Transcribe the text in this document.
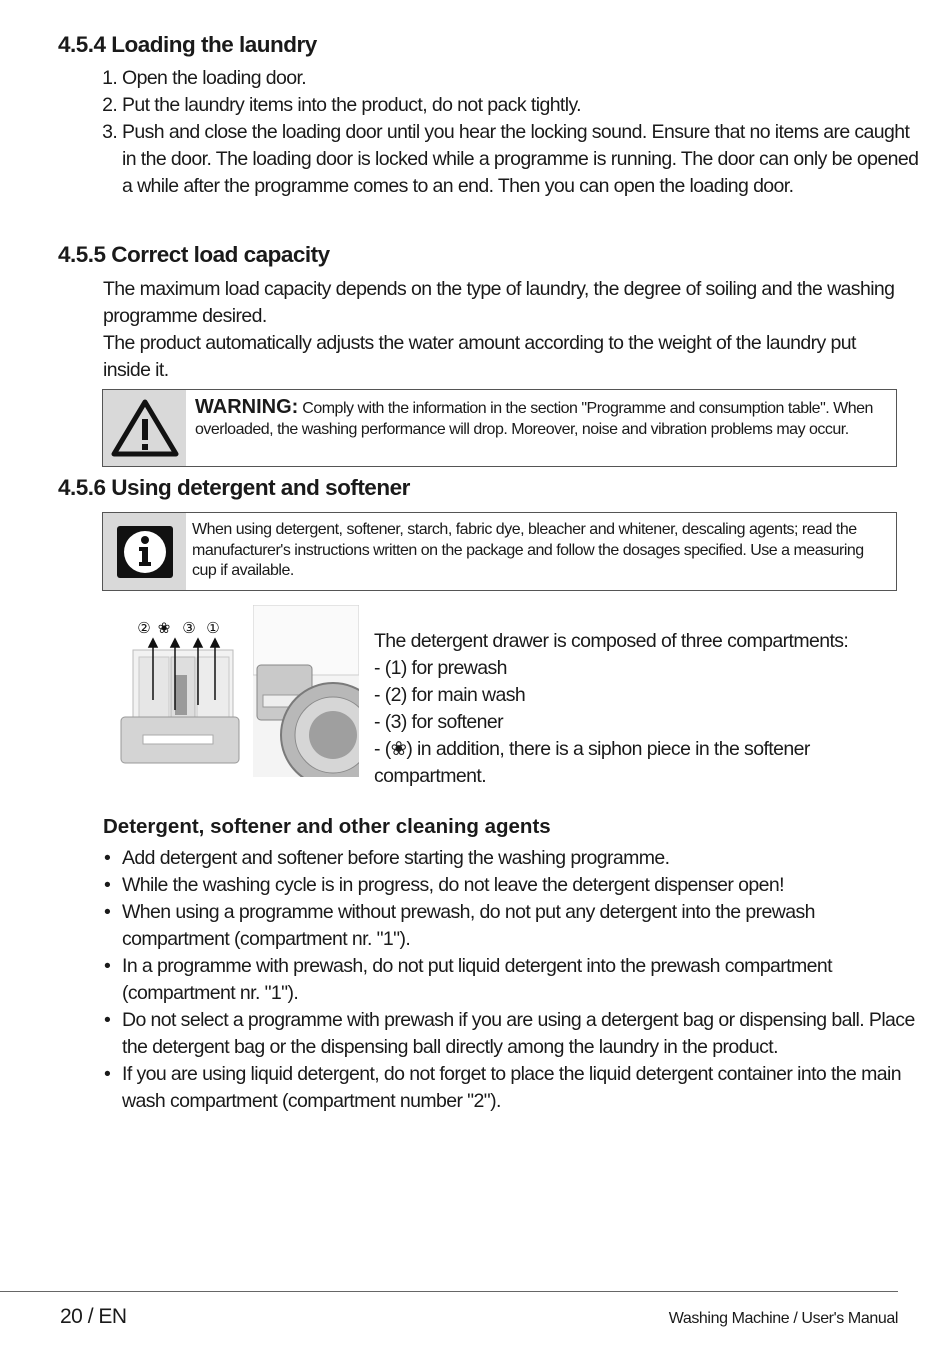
4.5.4 Loading the laundry
1. Open the loading door.
2. Put the laundry items into the product, do not pack tightly.
3. Push and close the loading door until you hear the locking sound. Ensure that no items are caught in the door. The loading door is locked while a programme is running. The door can only be opened a while after the programme comes to an end. Then you can open the loading door.
4.5.5 Correct load capacity

The maximum load capacity depends on the type of laundry, the degree of soiling and the washing programme desired.

The product automatically adjusts the water amount according to the weight of the laundry put inside it.

WARNING: Comply with the information in the section "Programme and consumption table". When overloaded, the washing performance will drop. Moreover, noise and vibration problems may occur.
4.5.6 Using detergent and softener
When using detergent, softener, starch, fabric dye, bleacher and whitener, descaling agents; read the manufacturer's instructions written on the package and follow the dosages specified. Use a measuring cup if available.
② ❀ ③ ①
The detergent drawer is composed of three compartments:
- (1) for prewash
- (2) for main wash
- (3) for softener
- (❀) in addition, there is a siphon piece in the softener compartment.
Detergent, softener and other cleaning agents
• Add detergent and softener before starting the washing programme.
• While the washing cycle is in progress, do not leave the detergent dispenser open!
• When using a programme without prewash, do not put any detergent into the prewash compartment (compartment nr. "1").
• In a programme with prewash, do not put liquid detergent into the prewash compartment (compartment nr. "1").
• Do not select a programme with prewash if you are using a detergent bag or dispensing ball. Place the detergent bag or the dispensing ball directly among the laundry in the product.
• If you are using liquid detergent, do not forget to place the liquid detergent container into the main wash compartment (compartment number "2").
20 / EN	Washing Machine / User's Manual
